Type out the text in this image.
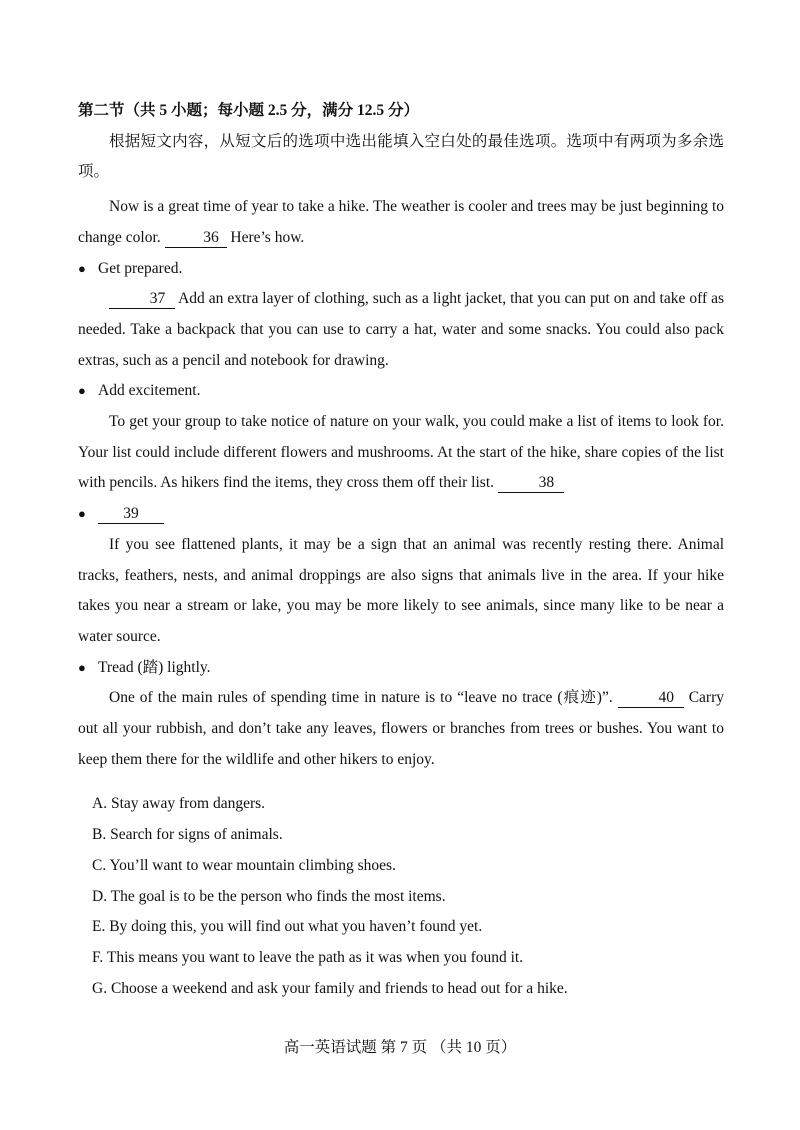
第二节（共 5 小题；每小题 2.5 分，满分 12.5 分）

根据短文内容，从短文后的选项中选出能填入空白处的最佳选项。选项中有两项为多余选项。

Now is a great time of year to take a hike. The weather is cooler and trees may be just beginning to change color.	36 Here’s how.

● Get prepared.

37 Add an extra layer of clothing, such as a light jacket, that you can put on and take off as needed. Take a backpack that you can use to carry a hat, water and some snacks. You could also pack extras, such as a pencil and notebook for drawing.

● Add excitement.

To get your group to take notice of nature on your walk, you could make a list of items to look for. Your list could include different flowers and mushrooms. At the start of the hike, share copies of the list with pencils. As hikers find the items, they cross them off their list.	38

●	39

If you see flattened plants, it may be a sign that an animal was recently resting there. Animal tracks, feathers, nests, and animal droppings are also signs that animals live in the area. If your hike takes you near a stream or lake, you may be more likely to see animals, since many like to be near a water source.

● Tread (踏) lightly.

One of the main rules of spending time in nature is to “leave no trace (痕迹)”.	40 Carry out all your rubbish, and don’t take any leaves, flowers or branches from trees or bushes. You want to keep them there for the wildlife and other hikers to enjoy.

A. Stay away from dangers.
B. Search for signs of animals.
C. You’ll want to wear mountain climbing shoes.
D. The goal is to be the person who finds the most items.
E. By doing this, you will find out what you haven’t found yet.
F. This means you want to leave the path as it was when you found it.
G. Choose a weekend and ask your family and friends to head out for a hike.
高一英语试题 第 7 页 （共 10 页）
